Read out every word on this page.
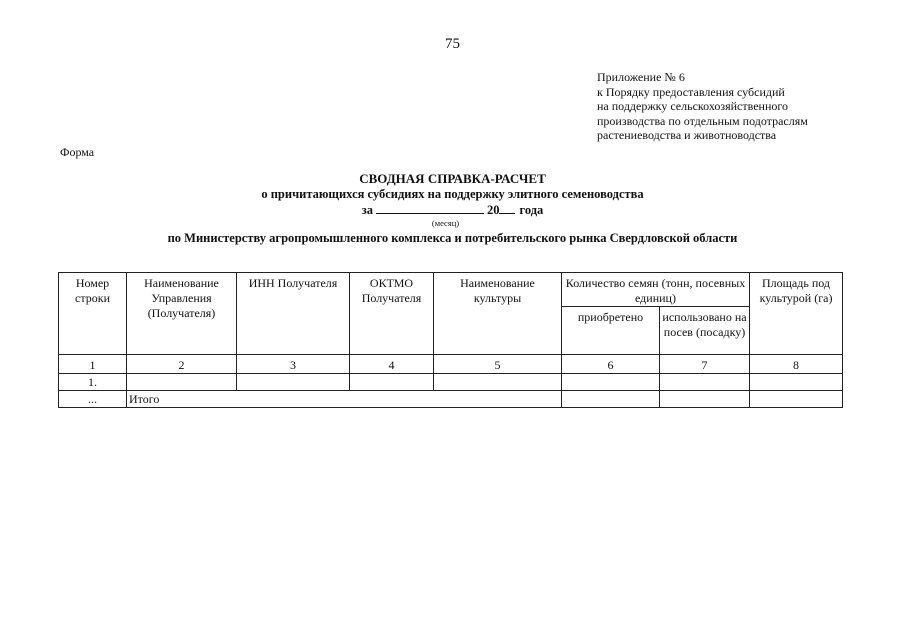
75
Приложение № 6
к Порядку предоставления субсидий
на поддержку сельскохозяйственного
производства по отдельным подотраслям
растениеводства и животноводства
Форма
СВОДНАЯ СПРАВКА-РАСЧЕТ
о причитающихся субсидиях на поддержку элитного семеноводства
за	20 года
(месяц)
по Министерству агропромышленного комплекса и потребительского рынка Свердловской области
Номер строки	Наименование Управления (Получателя)	ИНН Получателя	ОКТМО Получателя	Наименование культуры	Количество семян (тонн, посевных единиц)		Площадь под культурой (га)
					приобретено	использовано на посев (посадку)	
1	2	3	4	5	6	7	8
1.							
...	Итого						
